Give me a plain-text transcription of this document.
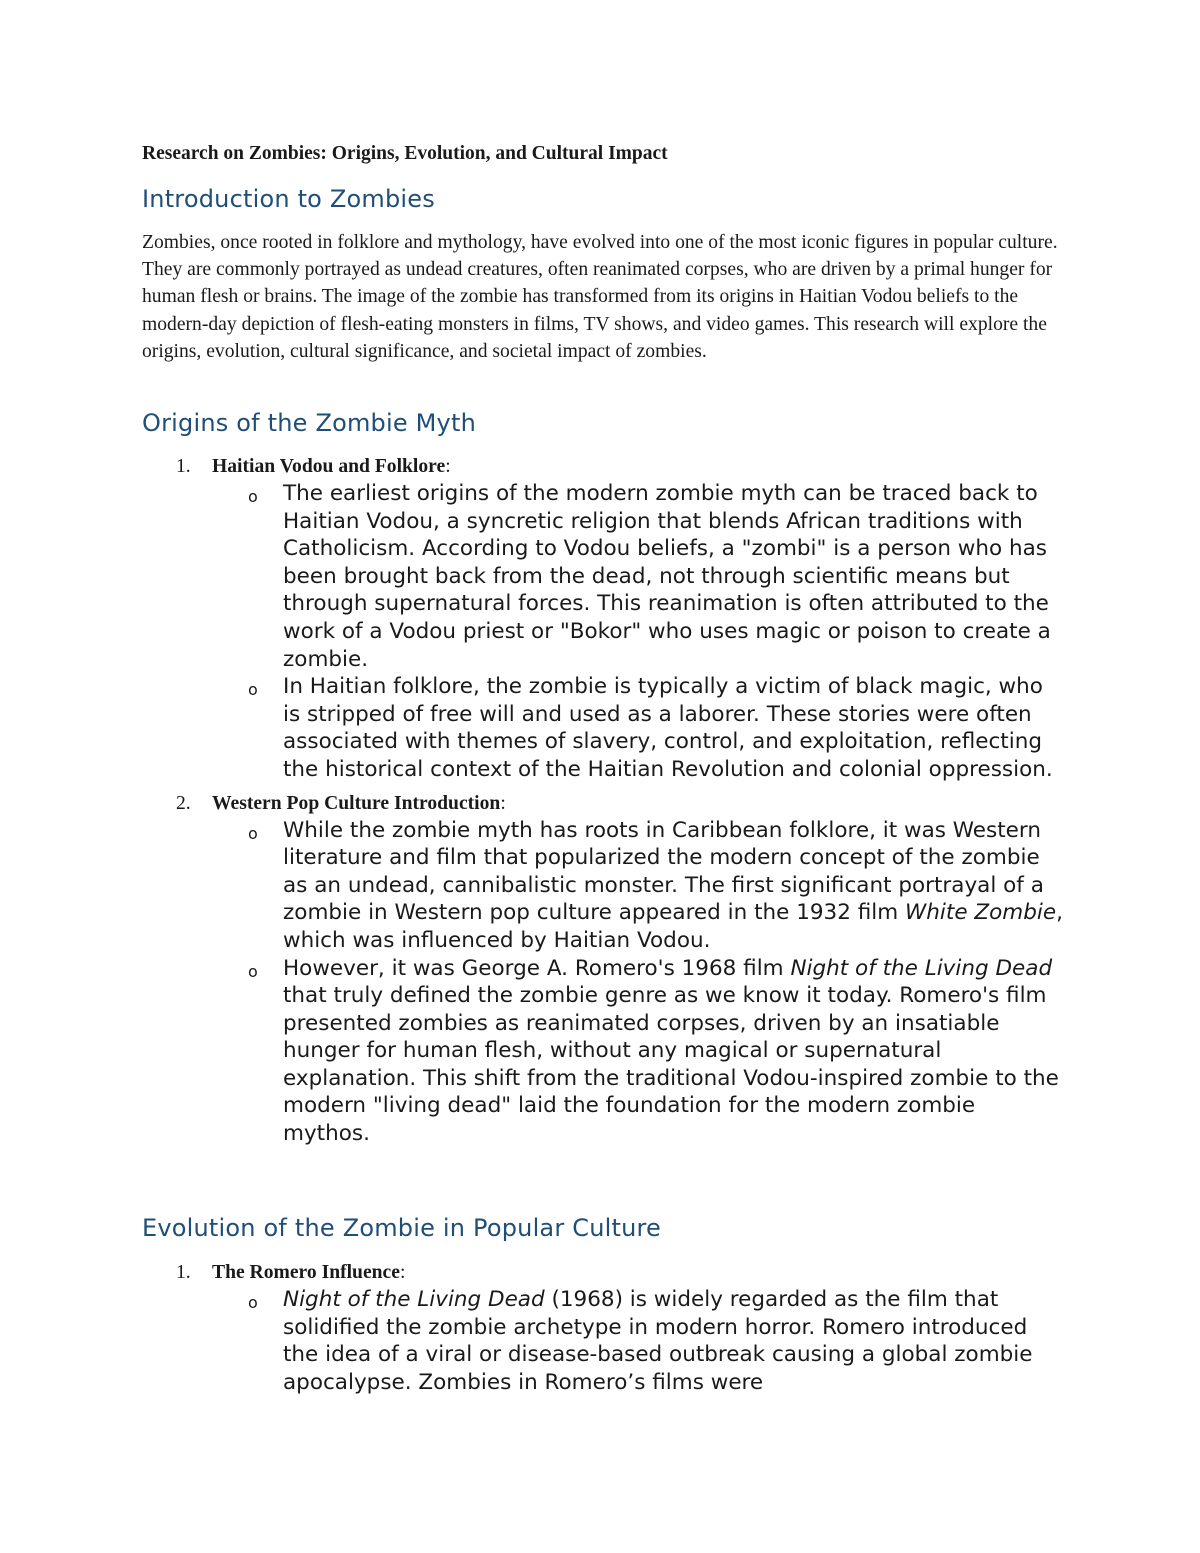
Research on Zombies: Origins, Evolution, and Cultural Impact
Introduction to Zombies
Zombies, once rooted in folklore and mythology, have evolved into one of the most iconic figures in popular culture. They are commonly portrayed as undead creatures, often reanimated corpses, who are driven by a primal hunger for human flesh or brains. The image of the zombie has transformed from its origins in Haitian Vodou beliefs to the modern-day depiction of flesh-eating monsters in films, TV shows, and video games. This research will explore the origins, evolution, cultural significance, and societal impact of zombies.
Origins of the Zombie Myth
1. Haitian Vodou and Folklore:
o The earliest origins of the modern zombie myth can be traced back to Haitian Vodou, a syncretic religion that blends African traditions with Catholicism. According to Vodou beliefs, a "zombi" is a person who has been brought back from the dead, not through scientific means but through supernatural forces. This reanimation is often attributed to the work of a Vodou priest or "Bokor" who uses magic or poison to create a zombie.
o In Haitian folklore, the zombie is typically a victim of black magic, who is stripped of free will and used as a laborer. These stories were often associated with themes of slavery, control, and exploitation, reflecting the historical context of the Haitian Revolution and colonial oppression.
2. Western Pop Culture Introduction:
o While the zombie myth has roots in Caribbean folklore, it was Western literature and film that popularized the modern concept of the zombie as an undead, cannibalistic monster. The first significant portrayal of a zombie in Western pop culture appeared in the 1932 film White Zombie, which was influenced by Haitian Vodou.
o However, it was George A. Romero's 1968 film Night of the Living Dead that truly defined the zombie genre as we know it today. Romero's film presented zombies as reanimated corpses, driven by an insatiable hunger for human flesh, without any magical or supernatural explanation. This shift from the traditional Vodou-inspired zombie to the modern "living dead" laid the foundation for the modern zombie mythos.
Evolution of the Zombie in Popular Culture
1. The Romero Influence:
o Night of the Living Dead (1968) is widely regarded as the film that solidified the zombie archetype in modern horror. Romero introduced the idea of a viral or disease-based outbreak causing a global zombie apocalypse. Zombies in Romero’s films were
